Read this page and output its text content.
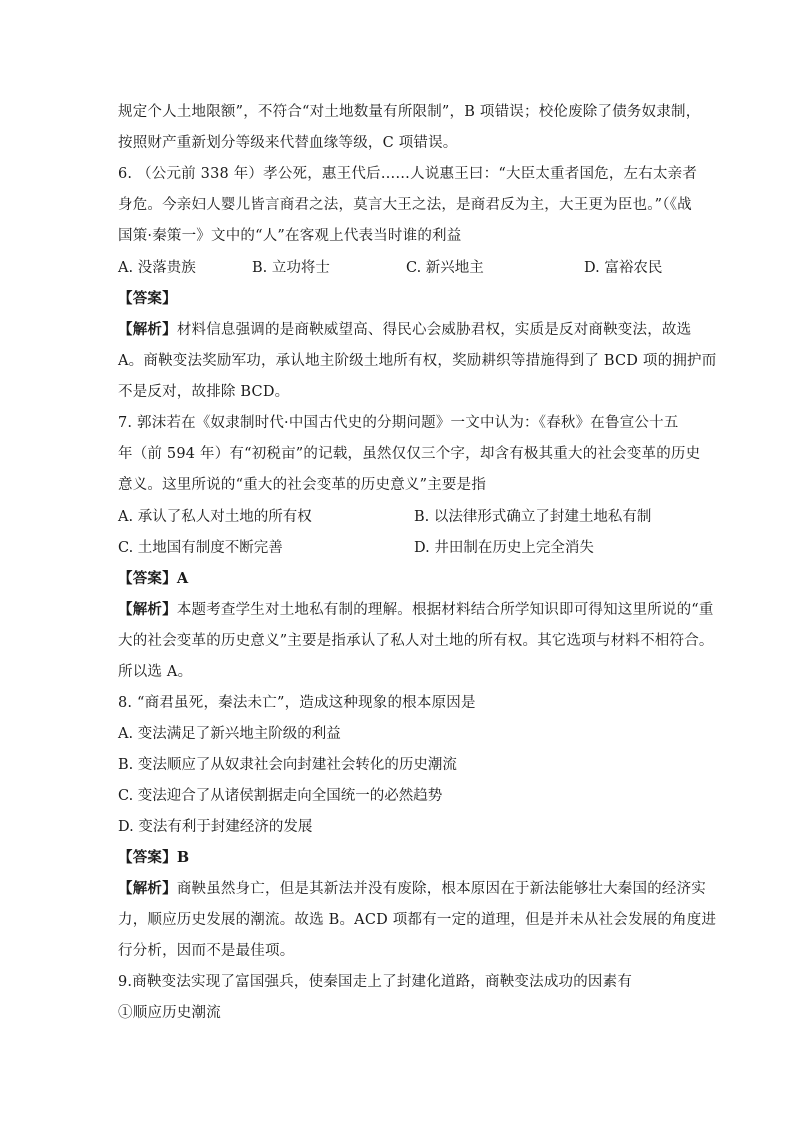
规定个人土地限额”，不符合“对土地数量有所限制”，B 项错误；校伦废除了债务奴隶制，
按照财产重新划分等级来代替血缘等级，C 项错误。
6. （公元前 338 年）孝公死，惠王代后……人说惠王曰：“大臣太重者国危，左右太亲者
身危。今亲妇人婴儿皆言商君之法，莫言大王之法，是商君反为主，大王更为臣也。”（《战
国策·秦策一》文中的“人”在客观上代表当时谁的利益
A. 没落贵族	B. 立功将士	C. 新兴地主	D. 富裕农民
【答案】
【解析】材料信息强调的是商鞅威望高、得民心会威胁君权，实质是反对商鞅变法，故选
A。商鞅变法奖励军功，承认地主阶级土地所有权，奖励耕织等措施得到了 BCD 项的拥护而
不是反对，故排除 BCD。
7. 郭沫若在《奴隶制时代·中国古代史的分期问题》一文中认为：《春秋》在鲁宣公十五
年（前 594 年）有“初税亩”的记载，虽然仅仅三个字，却含有极其重大的社会变革的历史
意义。这里所说的“重大的社会变革的历史意义”主要是指
A. 承认了私人对土地的所有权	B. 以法律形式确立了封建土地私有制
C. 土地国有制度不断完善	D. 井田制在历史上完全消失
【答案】A
【解析】本题考查学生对土地私有制的理解。根据材料结合所学知识即可得知这里所说的“重
大的社会变革的历史意义”主要是指承认了私人对土地的所有权。其它选项与材料不相符合。
所以选 A。
8. “商君虽死，秦法未亡”，造成这种现象的根本原因是
A. 变法满足了新兴地主阶级的利益
B. 变法顺应了从奴隶社会向封建社会转化的历史潮流
C. 变法迎合了从诸侯割据走向全国统一的必然趋势
D. 变法有利于封建经济的发展
【答案】B
【解析】商鞅虽然身亡，但是其新法并没有废除，根本原因在于新法能够壮大秦国的经济实
力，顺应历史发展的潮流。故选 B。ACD 项都有一定的道理，但是并未从社会发展的角度进
行分析，因而不是最佳项。
9.商鞅变法实现了富国强兵，使秦国走上了封建化道路，商鞅变法成功的因素有
①顺应历史潮流
